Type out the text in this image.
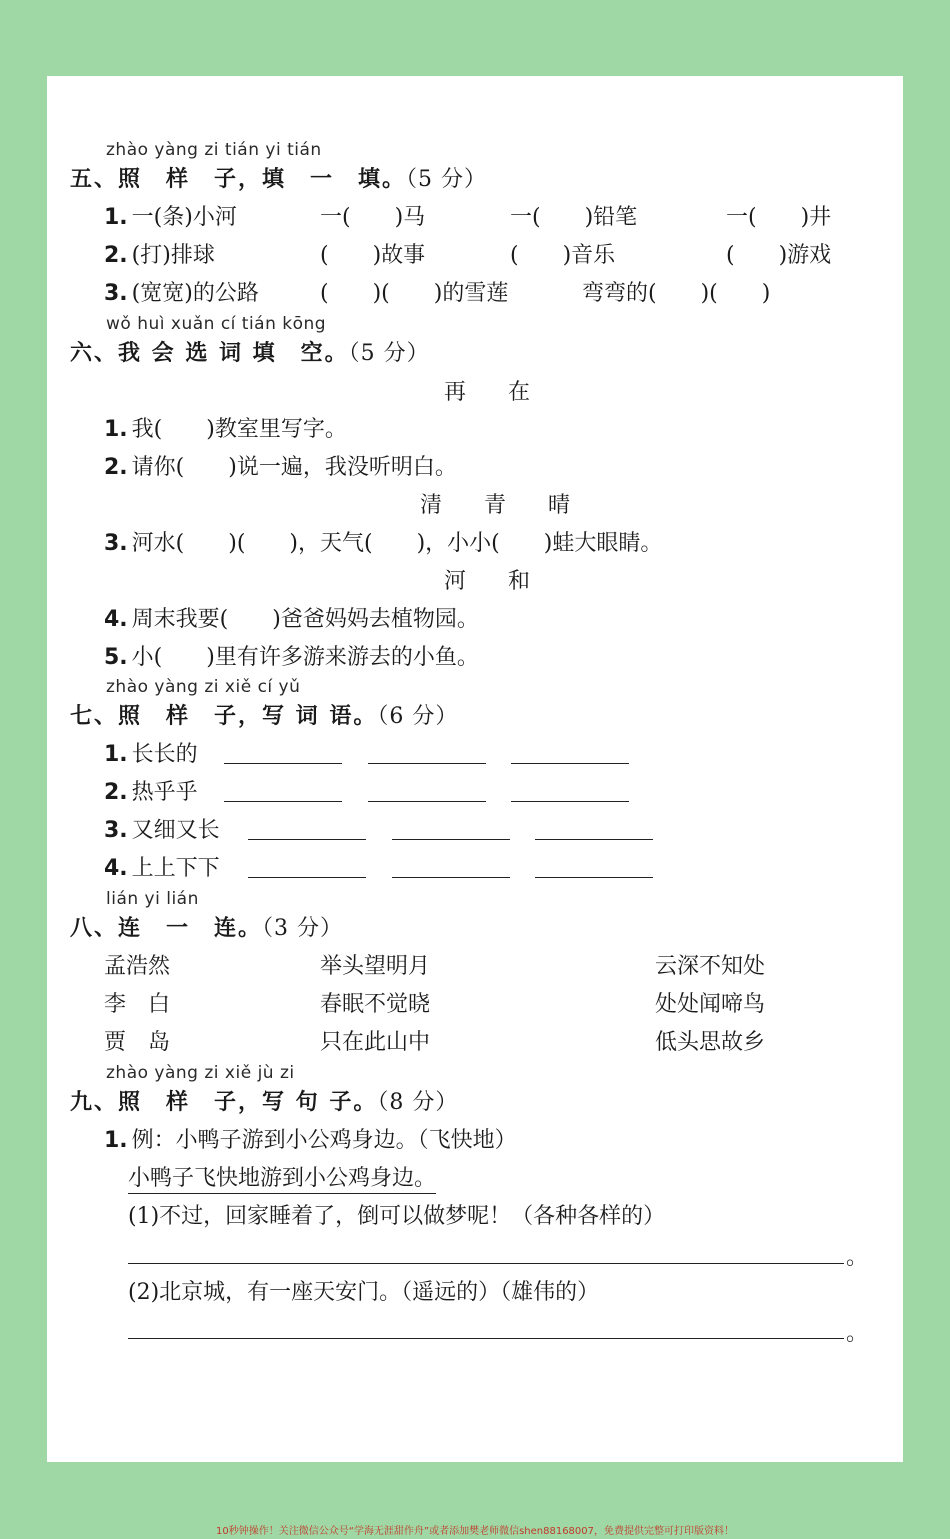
zhào yàng zi tián yi tián
五、照　样　子，填　一　填。（5 分）
1. 一(条)小河	一(　　)马	一(　　)铅笔	一(　　)井
2. (打)排球	(　　)故事	(　　)音乐	(　　)游戏
3. (宽宽)的公路	(　　)(　　)的雪莲	弯弯的(　　)(　　)
wǒ huì xuǎn cí tián kōng
六、我 会 选 词 填　空。（5 分）
再　在
1. 我(　　)教室里写字。
2. 请你(　　)说一遍，我没听明白。
清　青　晴
3. 河水(　　)(　　)，天气(　　)，小小(　　)蛙大眼睛。
河　和
4. 周末我要(　　)爸爸妈妈去植物园。
5. 小(　　)里有许多游来游去的小鱼。
zhào yàng zi xiě cí yǔ
七、照　样　子，写 词 语。（6 分）
1. 长长的
2. 热乎乎
3. 又细又长
4. 上上下下
lián yi lián
八、连　一　连。（3 分）
孟浩然	举头望明月	云深不知处
李　白	春眠不觉晓	处处闻啼鸟
贾　岛	只在此山中	低头思故乡
zhào yàng zi xiě jù zi
九、照　样　子，写 句 子。（8 分）
1. 例：小鸭子游到小公鸡身边。（飞快地）
小鸭子飞快地游到小公鸡身边。
(1)不过，回家睡着了，倒可以做梦呢！（各种各样的）
。
(2)北京城，有一座天安门。（遥远的）（雄伟的）
。
10秒钟操作！关注微信公众号“学海无涯甜作舟”或者添加樊老师微信shen88168007，免费提供完整可打印版资料！
